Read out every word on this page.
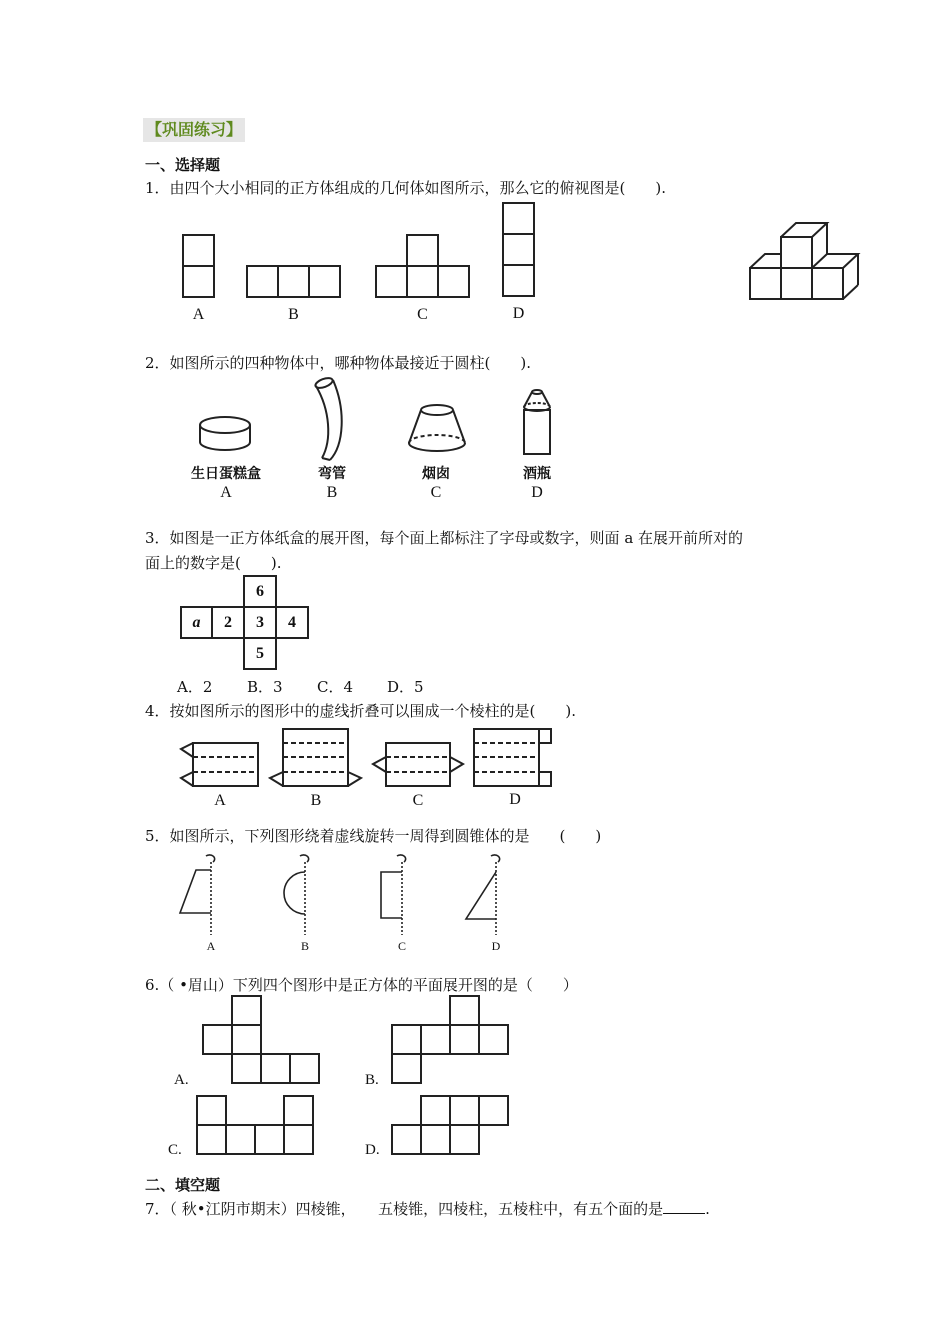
【巩固练习】
一、选择题
1．由四个大小相同的正方体组成的几何体如图所示，那么它的俯视图是(　　).
A	B	C	D
2．如图所示的四种物体中，哪种物体最接近于圆柱(　　).
生日蛋糕盒
A
弯管
B
烟囱
C
酒瓶
D
3．如图是一正方体纸盒的展开图，每个面上都标注了字母或数字，则面 a 在展开前所对的
面上的数字是(　　).
6
a	2	3	4
5
A．2 B．3 C．4 D．5
4．按如图所示的图形中的虚线折叠可以围成一个棱柱的是(　　).
A	B	C	D
5．如图所示，下列图形绕着虚线旋转一周得到圆锥体的是　　(　　)
A	B	C	D
6.（ •眉山）下列四个图形中是正方体的平面展开图的是（　　）
A.	B.
C.	D.
二、填空题
7．（ 秋•江阴市期末）四棱锥，　　五棱锥，四棱柱，五棱柱中，有五个面的是	.
